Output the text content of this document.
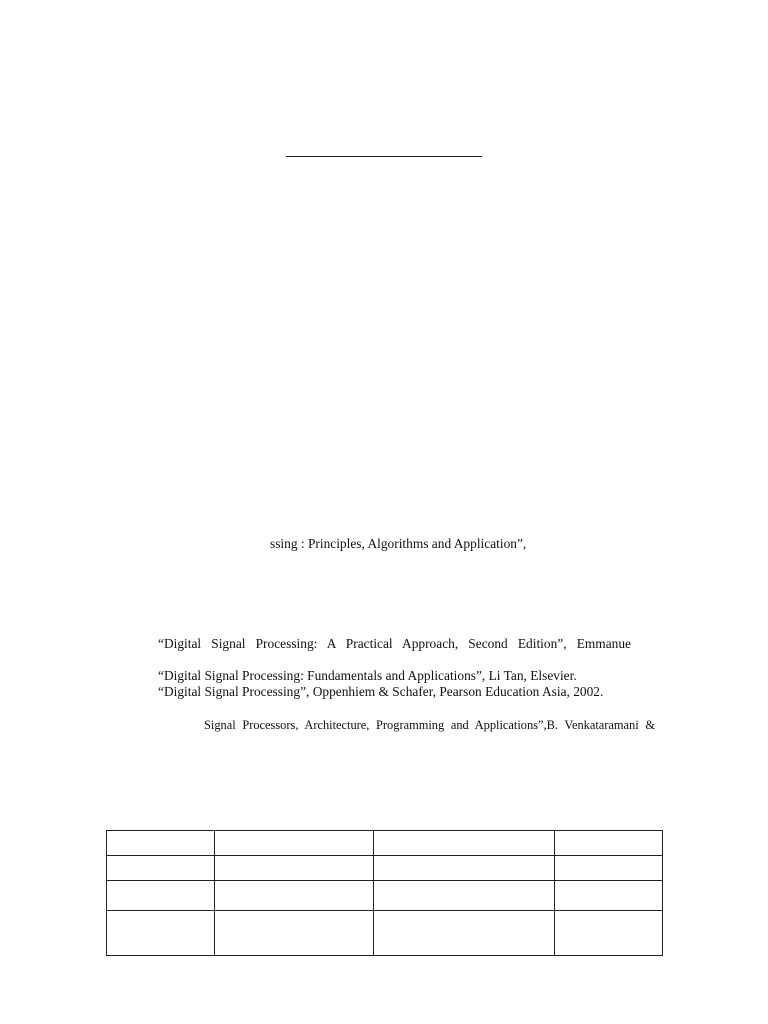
ssing : Principles, Algorithms and Application”,
“Digital Signal Processing: A Practical Approach, Second Edition”, Emmanue
“Digital Signal Processing: Fundamentals and Applications”, Li Tan, Elsevier.
“Digital Signal Processing”, Oppenhiem & Schafer, Pearson Education Asia, 2002.
Signal Processors, Architecture, Programming and Applications”,B. Venkataramani &
